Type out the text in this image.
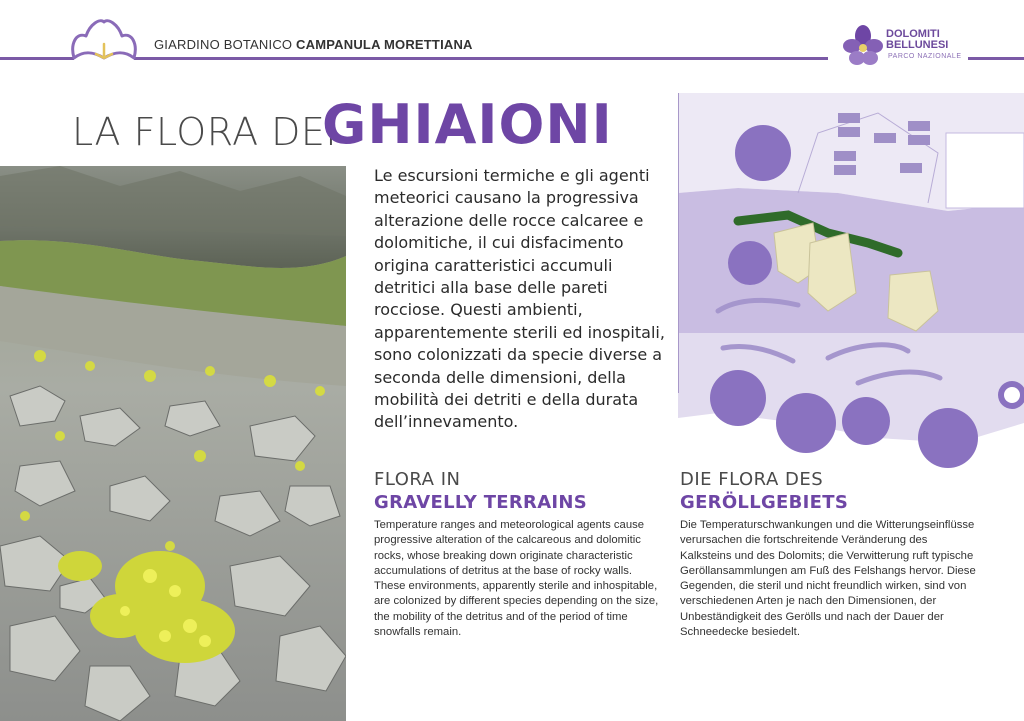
GIARDINO BOTANICO CAMPANULA MORETTIANA
DOLOMITI
BELLUNESI
PARCO NAZIONALE
LA FLORA DEI
GHIAIONI
Le escursioni termiche e gli agenti meteorici causano la progressiva alterazione delle rocce calcaree e dolomitiche, il cui disfacimento origina caratteristici accumuli detritici alla base delle pareti rocciose. Questi ambienti, apparentemente sterili ed inospitali, sono colonizzati da specie diverse a seconda delle dimensioni, della mobilità dei detriti e della durata dell’innevamento.
FLORA IN
GRAVELLY TERRAINS
Temperature ranges and meteorological agents cause progressive alteration of the calcareous and dolomitic rocks, whose breaking down originate characteristic accumulations of detritus at the base of rocky walls. These environments, apparently sterile and inhospitable, are colonized by different species depending on the size, the mobility of the detritus and of the period of time snowfalls remain.
DIE FLORA DES
GERÖLLGEBIETS
Die Temperaturschwankungen und die Witterungseinflüsse verursachen die fortschreitende Veränderung des Kalksteins und des Dolomits; die Verwitterung ruft typische Geröllansammlungen am Fuß des Felshangs hervor. Diese Gegenden, die steril und nicht freundlich wirken, sind von verschiedenen Arten je nach den Dimensionen, der Unbeständigkeit des Gerölls und nach der Dauer der Schneedecke besiedelt.
